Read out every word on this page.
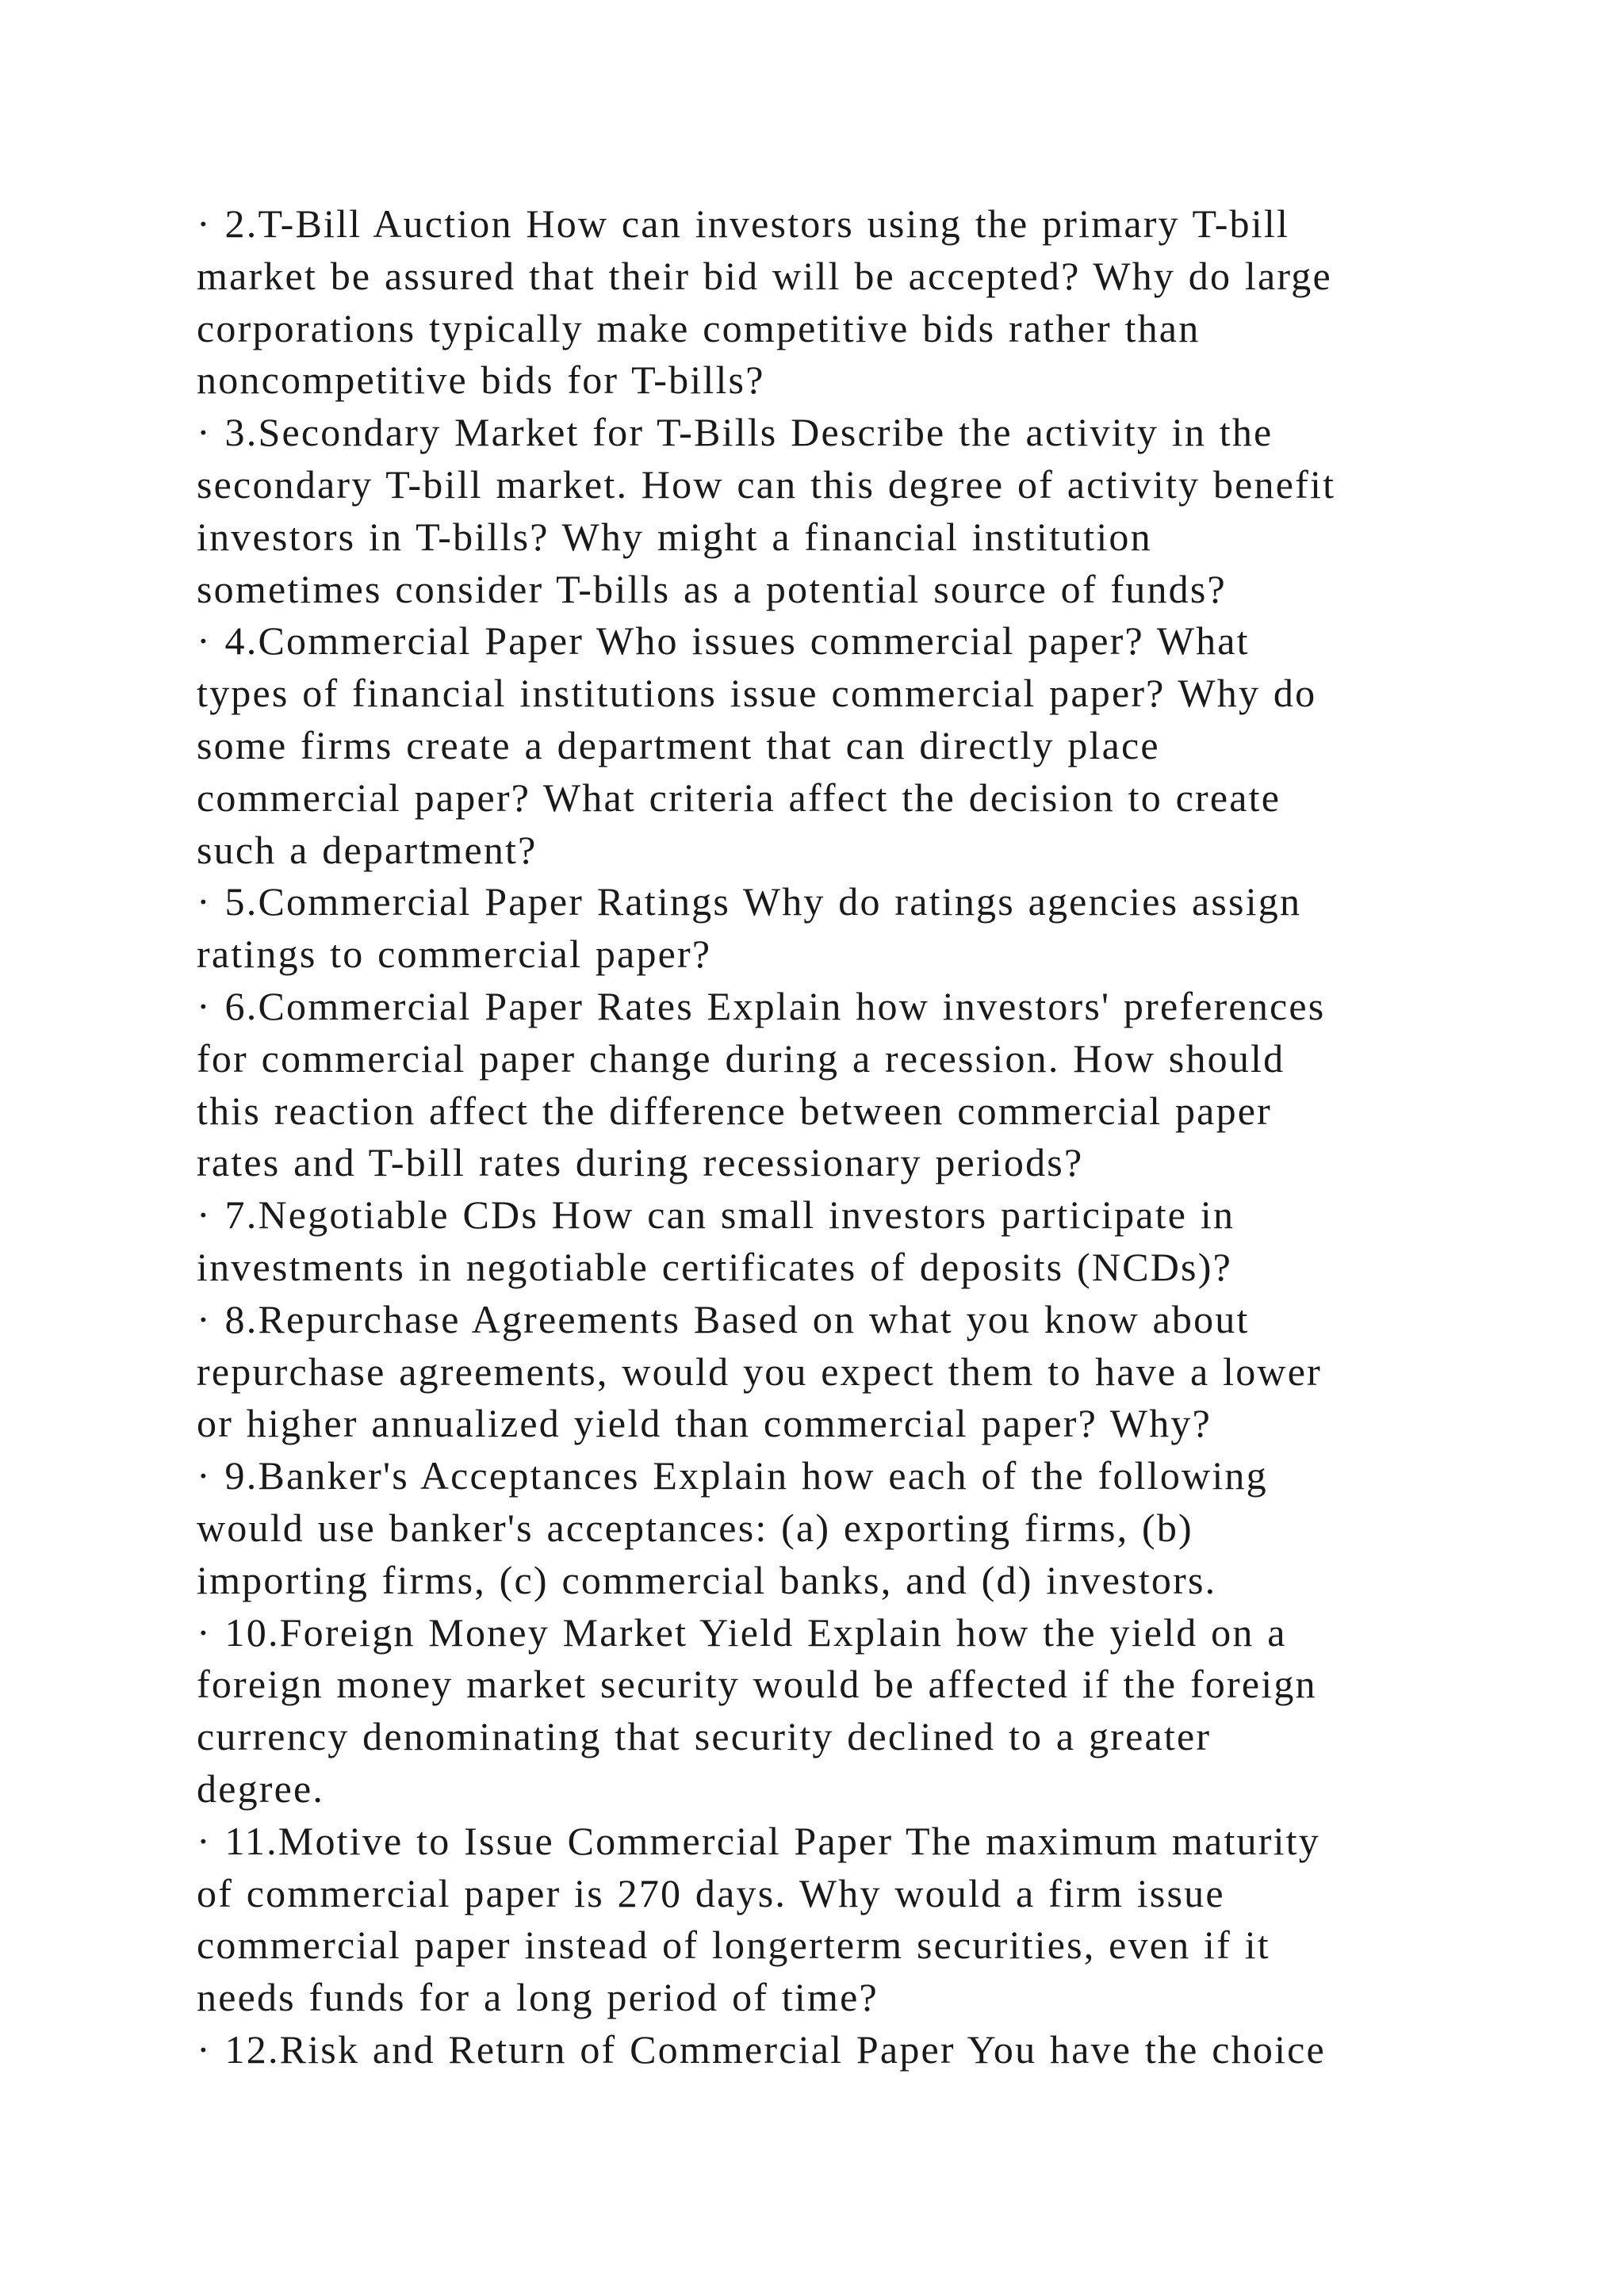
· 2.T-Bill Auction How can investors using the primary T-bill
market be assured that their bid will be accepted? Why do large
corporations typically make competitive bids rather than
noncompetitive bids for T-bills?
· 3.Secondary Market for T-Bills Describe the activity in the
secondary T-bill market. How can this degree of activity benefit
investors in T-bills? Why might a financial institution
sometimes consider T-bills as a potential source of funds?
· 4.Commercial Paper Who issues commercial paper? What
types of financial institutions issue commercial paper? Why do
some firms create a department that can directly place
commercial paper? What criteria affect the decision to create
such a department?
· 5.Commercial Paper Ratings Why do ratings agencies assign
ratings to commercial paper?
· 6.Commercial Paper Rates Explain how investors' preferences
for commercial paper change during a recession. How should
this reaction affect the difference between commercial paper
rates and T-bill rates during recessionary periods?
· 7.Negotiable CDs How can small investors participate in
investments in negotiable certificates of deposits (NCDs)?
· 8.Repurchase Agreements Based on what you know about
repurchase agreements, would you expect them to have a lower
or higher annualized yield than commercial paper? Why?
· 9.Banker's Acceptances Explain how each of the following
would use banker's acceptances: (a) exporting firms, (b)
importing firms, (c) commercial banks, and (d) investors.
· 10.Foreign Money Market Yield Explain how the yield on a
foreign money market security would be affected if the foreign
currency denominating that security declined to a greater
degree.
· 11.Motive to Issue Commercial Paper The maximum maturity
of commercial paper is 270 days. Why would a firm issue
commercial paper instead of longerterm securities, even if it
needs funds for a long period of time?
· 12.Risk and Return of Commercial Paper You have the choice
